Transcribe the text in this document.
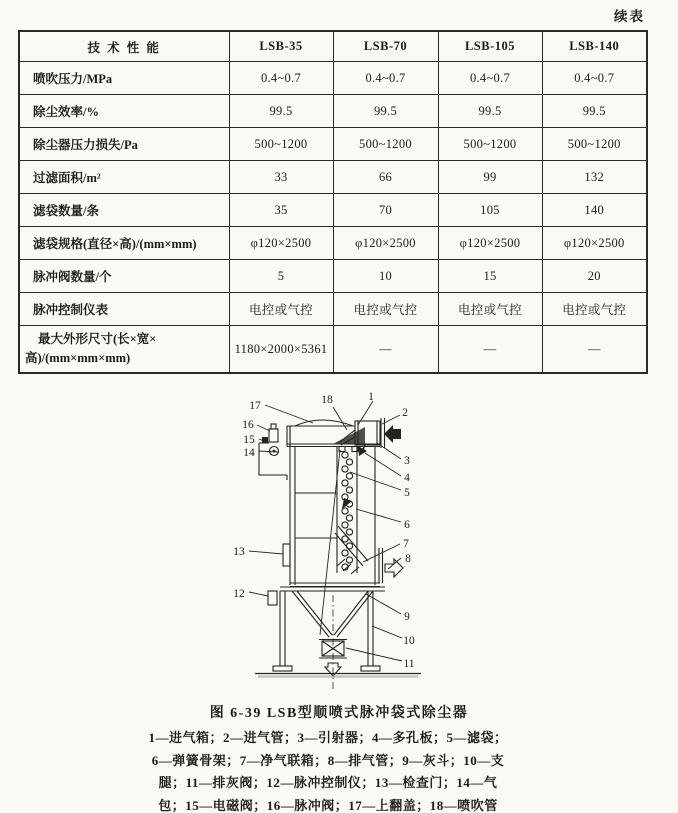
续表
技 术 性 能	LSB-35	LSB-70	LSB-105	LSB-140
喷吹压力/MPa	0.4~0.7	0.4~0.7	0.4~0.7	0.4~0.7
除尘效率/%	99.5	99.5	99.5	99.5
除尘器压力损失/Pa	500~1200	500~1200	500~1200	500~1200
过滤面积/m²	33	66	99	132
滤袋数量/条	35	70	105	140
滤袋规格(直径×高)/(mm×mm)	φ120×2500	φ120×2500	φ120×2500	φ120×2500
脉冲阀数量/个	5	10	15	20
脉冲控制仪表	电控或气控	电控或气控	电控或气控	电控或气控
最大外形尺寸(长×宽×高)/(mm×mm×mm)	1180×2000×5361	—	—	—
1
2
3
4
5
6
7
8
9
10
11
12
13
14
15
16
17	18
图 6-39 LSB型顺喷式脉冲袋式除尘器
1—进气箱；2—进气管；3—引射器；4—多孔板；5—滤袋；
6—弹簧骨架；7—净气联箱；8—排气管；9—灰斗；10—支
腿；11—排灰阀；12—脉冲控制仪；13—检查门；14—气
包；15—电磁阀；16—脉冲阀；17—上翻盖；18—喷吹管
